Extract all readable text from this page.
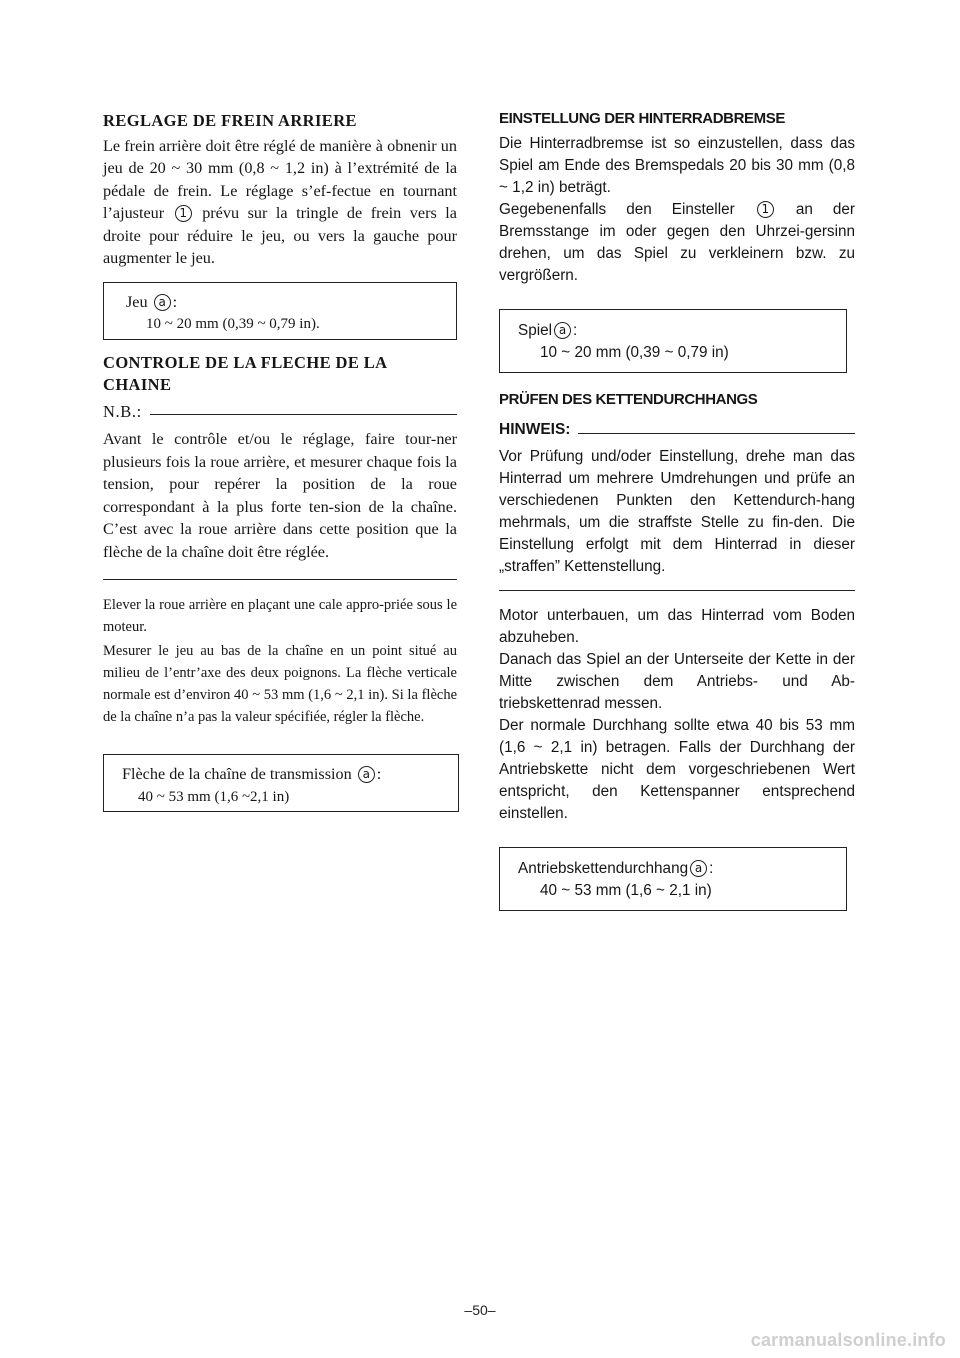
REGLAGE DE FREIN ARRIERE

Le frein arrière doit être réglé de manière à obnenir un jeu de 20 ~ 30 mm (0,8 ~ 1,2 in) à l’extrémité de la pédale de frein. Le réglage s’ef-fectue en tournant l’ajusteur 1 prévu sur la tringle de frein vers la droite pour réduire le jeu, ou vers la gauche pour augmenter le jeu.

Jeu a :
10 ~ 20 mm (0,39 ~ 0,79 in).
CONTROLE DE LA FLECHE DE LA
CHAINE
N.B.:

Avant le contrôle et/ou le réglage, faire tour-ner plusieurs fois la roue arrière, et mesurer chaque fois la tension, pour repérer la position de la roue correspondant à la plus forte ten-sion de la chaîne. C’est avec la roue arrière dans cette position que la flèche de la chaîne doit être réglée.

Elever la roue arrière en plaçant une cale appro-priée sous le moteur.

Mesurer le jeu au bas de la chaîne en un point situé au milieu de l’entr’axe des deux poignons. La flèche verticale normale est d’environ 40 ~ 53 mm (1,6 ~ 2,1 in). Si la flèche de la chaîne n’a pas la valeur spécifiée, régler la flèche.

Flèche de la chaîne de transmission a :
40 ~ 53 mm (1,6 ~2,1 in)
EINSTELLUNG DER HINTERRADBREMSE

Die Hinterradbremse ist so einzustellen, dass das Spiel am Ende des Bremspedals 20 bis 30 mm (0,8 ~ 1,2 in) beträgt.

Gegebenenfalls den Einsteller 1 an der Bremsstange im oder gegen den Uhrzei-gersinn drehen, um das Spiel zu verkleinern bzw. zu vergrößern.

Spiel a :
10 ~ 20 mm (0,39 ~ 0,79 in)
PRÜFEN DES KETTENDURCHHANGS
HINWEIS:

Vor Prüfung und/oder Einstellung, drehe man das Hinterrad um mehrere Umdrehungen und prüfe an verschiedenen Punkten den Kettendurch-hang mehrmals, um die straffste Stelle zu fin-den. Die Einstellung erfolgt mit dem Hinterrad in dieser „straffen” Kettenstellung.

Motor unterbauen, um das Hinterrad vom Boden abzuheben.

Danach das Spiel an der Unterseite der Kette in der Mitte zwischen dem Antriebs- und Ab-triebskettenrad messen.

Der normale Durchhang sollte etwa 40 bis 53 mm (1,6 ~ 2,1 in) betragen. Falls der Durchhang der Antriebskette nicht dem vorgeschriebenen Wert entspricht, den Kettenspanner entsprechend einstellen.

Antriebskettendurchhang a :
40 ~ 53 mm (1,6 ~ 2,1 in)
–50–
carmanualsonline.info
